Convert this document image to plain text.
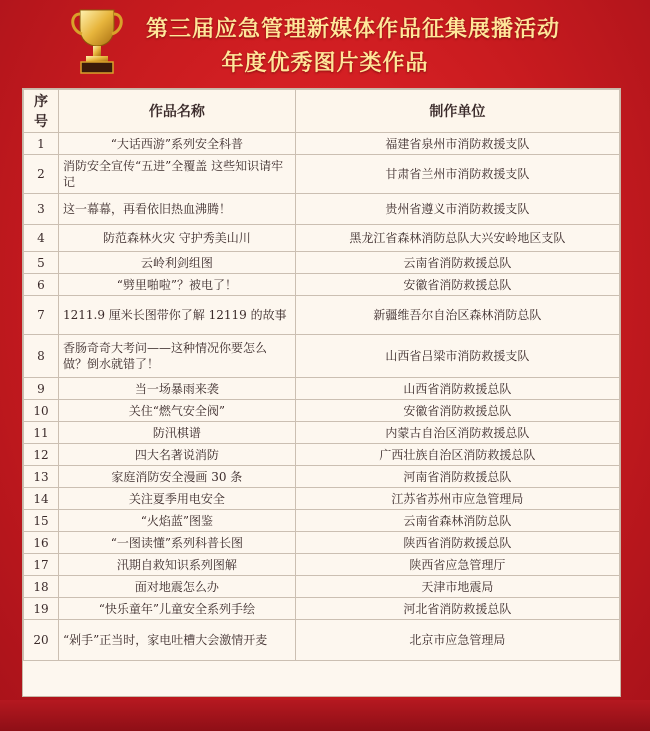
第三届应急管理新媒体作品征集展播活动
年度优秀图片类作品
序号	作品名称	制作单位
1	“大话西游”系列安全科普	福建省泉州市消防救援支队
2	消防安全宣传“五进”全覆盖 这些知识请牢记	甘肃省兰州市消防救援支队
3	这一幕幕，再看依旧热血沸腾！	贵州省遵义市消防救援支队
4	防范森林火灾 守护秀美山川	黑龙江省森林消防总队大兴安岭地区支队
5	云岭利剑组图	云南省消防救援总队
6	“劈里啪啦”？被电了！	安徽省消防救援总队
7	1211.9 厘米长图带你了解 12119 的故事	新疆维吾尔自治区森林消防总队
8	香肠奇奇大考问——这种情况你要怎么做？倒水就错了！	山西省吕梁市消防救援支队
9	当一场暴雨来袭	山西省消防救援总队
10	关住“燃气安全阀”	安徽省消防救援总队
11	防汛棋谱	内蒙古自治区消防救援总队
12	四大名著说消防	广西壮族自治区消防救援总队
13	家庭消防安全漫画 30 条	河南省消防救援总队
14	关注夏季用电安全	江苏省苏州市应急管理局
15	“火焰蓝”图鉴	云南省森林消防总队
16	“一图读懂”系列科普长图	陕西省消防救援总队
17	汛期自救知识系列图解	陕西省应急管理厅
18	面对地震怎么办	天津市地震局
19	“快乐童年”儿童安全系列手绘	河北省消防救援总队
20	“剁手”正当时，家电吐槽大会激情开麦	北京市应急管理局
